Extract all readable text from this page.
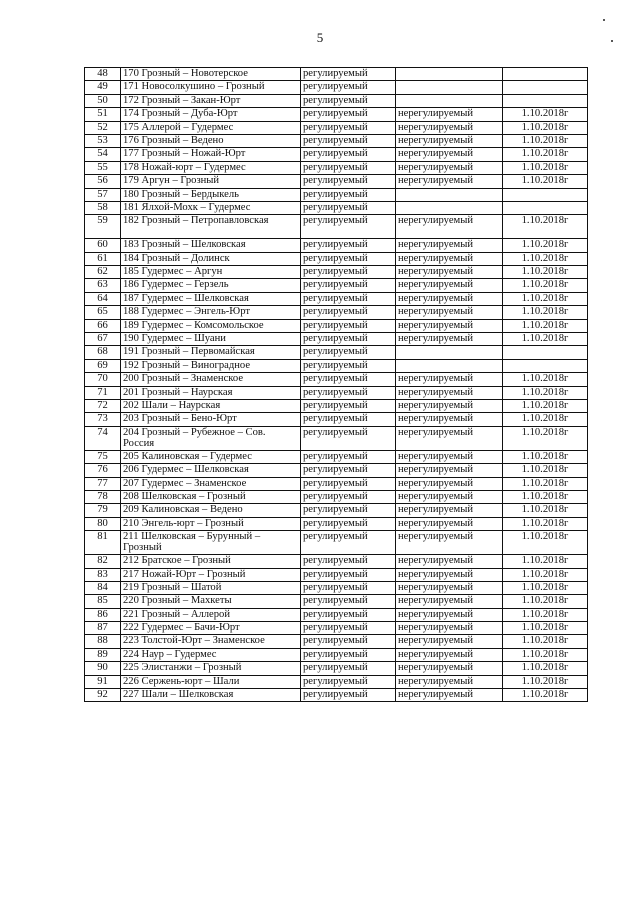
5
48	170 Грозный – Новотерское	регулируемый		
49	171 Новосолкушино – Грозный	регулируемый		
50	172 Грозный – Закан-Юрт	регулируемый		
51	174 Грозный – Дуба-Юрт	регулируемый	нерегулируемый	1.10.2018г
52	175 Аллерой – Гудермес	регулируемый	нерегулируемый	1.10.2018г
53	176 Грозный – Ведено	регулируемый	нерегулируемый	1.10.2018г
54	177 Грозный – Ножай-Юрт	регулируемый	нерегулируемый	1.10.2018г
55	178 Ножай-юрт – Гудермес	регулируемый	нерегулируемый	1.10.2018г
56	179 Аргун – Грозный	регулируемый	нерегулируемый	1.10.2018г
57	180 Грозный – Бердыкель	регулируемый		
58	181 Ялхой-Мохк – Гудермес	регулируемый		
59	182 Грозный – Петропавловская	регулируемый	нерегулируемый	1.10.2018г
60	183 Грозный – Шелковская	регулируемый	нерегулируемый	1.10.2018г
61	184 Грозный – Долинск	регулируемый	нерегулируемый	1.10.2018г
62	185 Гудермес – Аргун	регулируемый	нерегулируемый	1.10.2018г
63	186 Гудермес – Герзель	регулируемый	нерегулируемый	1.10.2018г
64	187 Гудермес – Шелковская	регулируемый	нерегулируемый	1.10.2018г
65	188 Гудермес – Энгель-Юрт	регулируемый	нерегулируемый	1.10.2018г
66	189 Гудермес – Комсомольское	регулируемый	нерегулируемый	1.10.2018г
67	190 Гудермес – Шуани	регулируемый	нерегулируемый	1.10.2018г
68	191 Грозный – Первомайская	регулируемый		
69	192 Грозный – Виноградное	регулируемый		
70	200 Грозный – Знаменское	регулируемый	нерегулируемый	1.10.2018г
71	201 Грозный – Наурская	регулируемый	нерегулируемый	1.10.2018г
72	202 Шали – Наурская	регулируемый	нерегулируемый	1.10.2018г
73	203 Грозный – Бено-Юрт	регулируемый	нерегулируемый	1.10.2018г
74	204 Грозный – Рубежное – Сов. Россия	регулируемый	нерегулируемый	1.10.2018г
75	205 Калиновская – Гудермес	регулируемый	нерегулируемый	1.10.2018г
76	206 Гудермес – Шелковская	регулируемый	нерегулируемый	1.10.2018г
77	207 Гудермес – Знаменское	регулируемый	нерегулируемый	1.10.2018г
78	208 Шелковская – Грозный	регулируемый	нерегулируемый	1.10.2018г
79	209 Калиновская – Ведено	регулируемый	нерегулируемый	1.10.2018г
80	210 Энгель-юрт – Грозный	регулируемый	нерегулируемый	1.10.2018г
81	211 Шелковская – Бурунный – Грозный	регулируемый	нерегулируемый	1.10.2018г
82	212 Братское – Грозный	регулируемый	нерегулируемый	1.10.2018г
83	217 Ножай-Юрт – Грозный	регулируемый	нерегулируемый	1.10.2018г
84	219 Грозный – Шатой	регулируемый	нерегулируемый	1.10.2018г
85	220 Грозный – Махкеты	регулируемый	нерегулируемый	1.10.2018г
86	221 Грозный – Аллерой	регулируемый	нерегулируемый	1.10.2018г
87	222 Гудермес – Бачи-Юрт	регулируемый	нерегулируемый	1.10.2018г
88	223 Толстой-Юрт – Знаменское	регулируемый	нерегулируемый	1.10.2018г
89	224 Наур – Гудермес	регулируемый	нерегулируемый	1.10.2018г
90	225 Элистанжи – Грозный	регулируемый	нерегулируемый	1.10.2018г
91	226 Сержень-юрт – Шали	регулируемый	нерегулируемый	1.10.2018г
92	227 Шали – Шелковская	регулируемый	нерегулируемый	1.10.2018г
